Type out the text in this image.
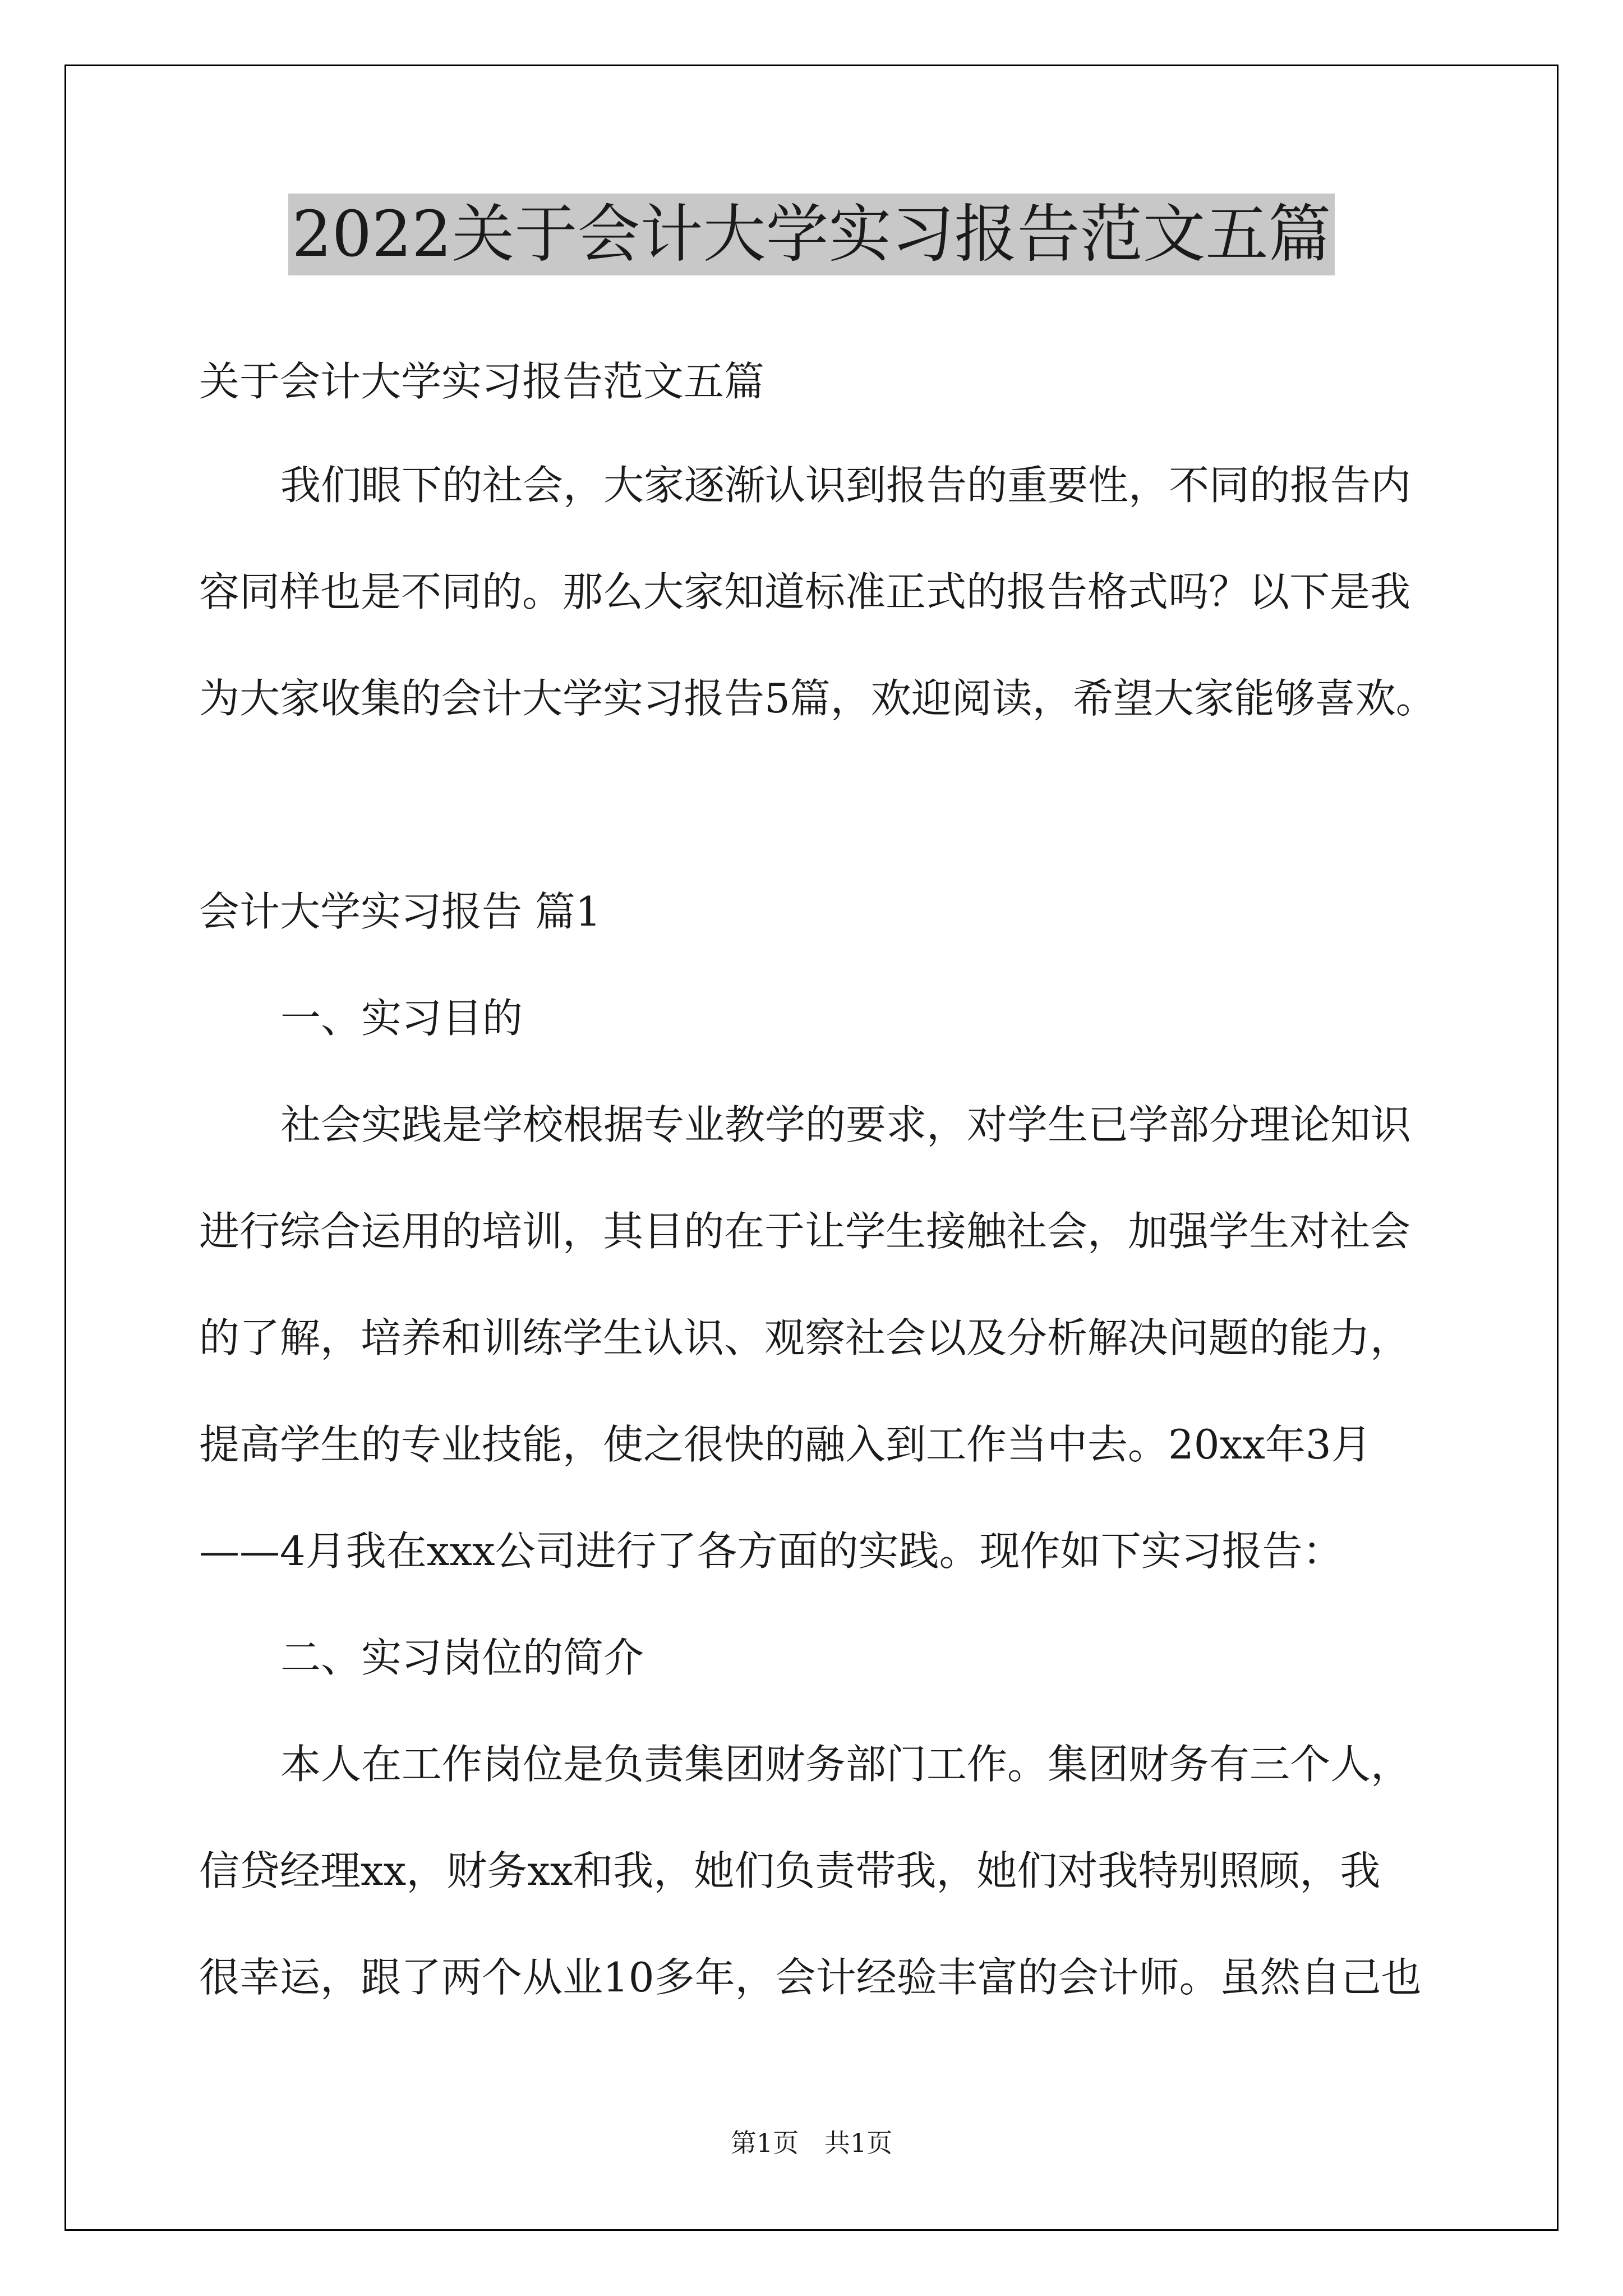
2022关于会计大学实习报告范文五篇
关于会计大学实习报告范文五篇
我们眼下的社会，大家逐渐认识到报告的重要性，不同的报告内
容同样也是不同的。那么大家知道标准正式的报告格式吗？以下是我
为大家收集的会计大学实习报告5篇，欢迎阅读，希望大家能够喜欢。
会计大学实习报告 篇1
一、实习目的
社会实践是学校根据专业教学的要求，对学生已学部分理论知识
进行综合运用的培训，其目的在于让学生接触社会，加强学生对社会
的了解，培养和训练学生认识、观察社会以及分析解决问题的能力，
提高学生的专业技能，使之很快的融入到工作当中去。20xx年3月
——4月我在xxx公司进行了各方面的实践。现作如下实习报告：
二、实习岗位的简介
本人在工作岗位是负责集团财务部门工作。集团财务有三个人，
信贷经理xx，财务xx和我，她们负责带我，她们对我特别照顾，我
很幸运，跟了两个从业10多年，会计经验丰富的会计师。虽然自己也
第1页　共1页
